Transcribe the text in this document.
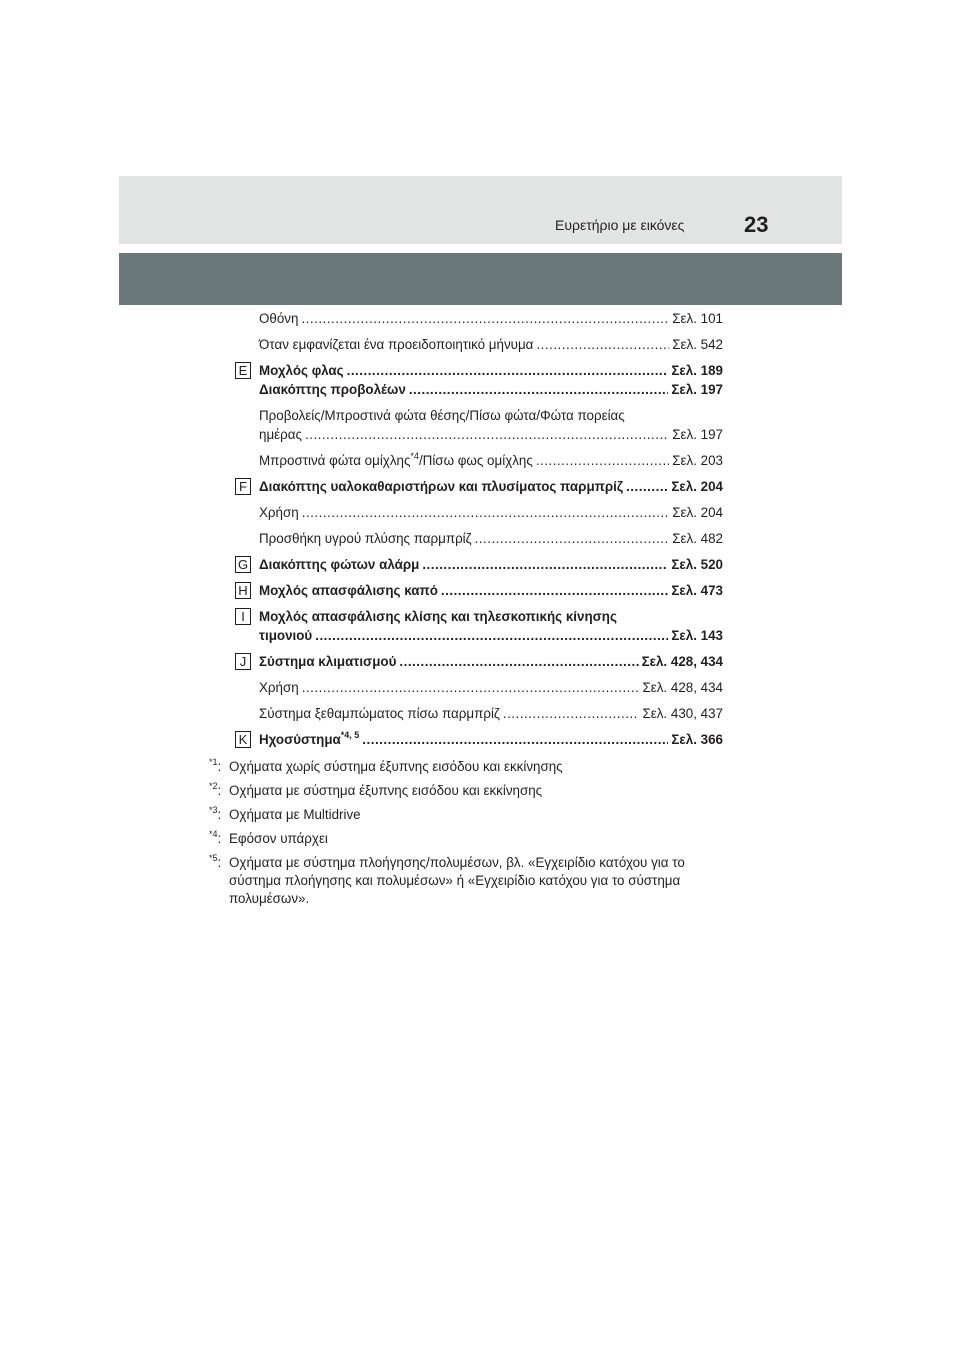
Ευρετήριο με εικόνες	23
Οθόνη .....	Σελ. 101
Όταν εμφανίζεται ένα προειδοποιητικό μήνυμα .....	Σελ. 542
E Μοχλός φλας .....	Σελ. 189
Διακόπτης προβολέων .....	Σελ. 197
Προβολείς/Μπροστινά φώτα θέσης/Πίσω φώτα/Φώτα πορείας
ημέρας .....	Σελ. 197
Μπροστινά φώτα ομίχλης$^{*4}$/Πίσω φως ομίχλης .....	Σελ. 203
F Διακόπτης υαλοκαθαριστήρων και πλυσίματος παρμπρίζ .....	Σελ. 204
Χρήση .....	Σελ. 204
Προσθήκη υγρού πλύσης παρμπρίζ .....	Σελ. 482
G Διακόπτης φώτων αλάρμ .....	Σελ. 520
H Μοχλός απασφάλισης καπό .....	Σελ. 473
I	Μοχλός απασφάλισης κλίσης και τηλεσκοπικής κίνησης
τιμονιού .....	Σελ. 143
J Σύστημα κλιματισμού .....	Σελ. 428, 434
Χρήση .....	Σελ. 428, 434
Σύστημα ξεθαμπώματος πίσω παρμπρίζ .....	Σελ. 430, 437
K Ηχοσύστημα$^{*4, 5}$ .....	Σελ. 366
$^{*1}$: Οχήματα χωρίς σύστημα έξυπνης εισόδου και εκκίνησης
$^{*2}$: Οχήματα με σύστημα έξυπνης εισόδου και εκκίνησης
$^{*3}$: Οχήματα με Multidrive
$^{*4}$: Εφόσον υπάρχει
$^{*5}$: Οχήματα με σύστημα πλοήγησης/πολυμέσων, βλ. «Εγχειρίδιο κατόχου για το σύστημα πλοήγησης και πολυμέσων» ή «Εγχειρίδιο κατόχου για το σύστημα πολυμέσων».
